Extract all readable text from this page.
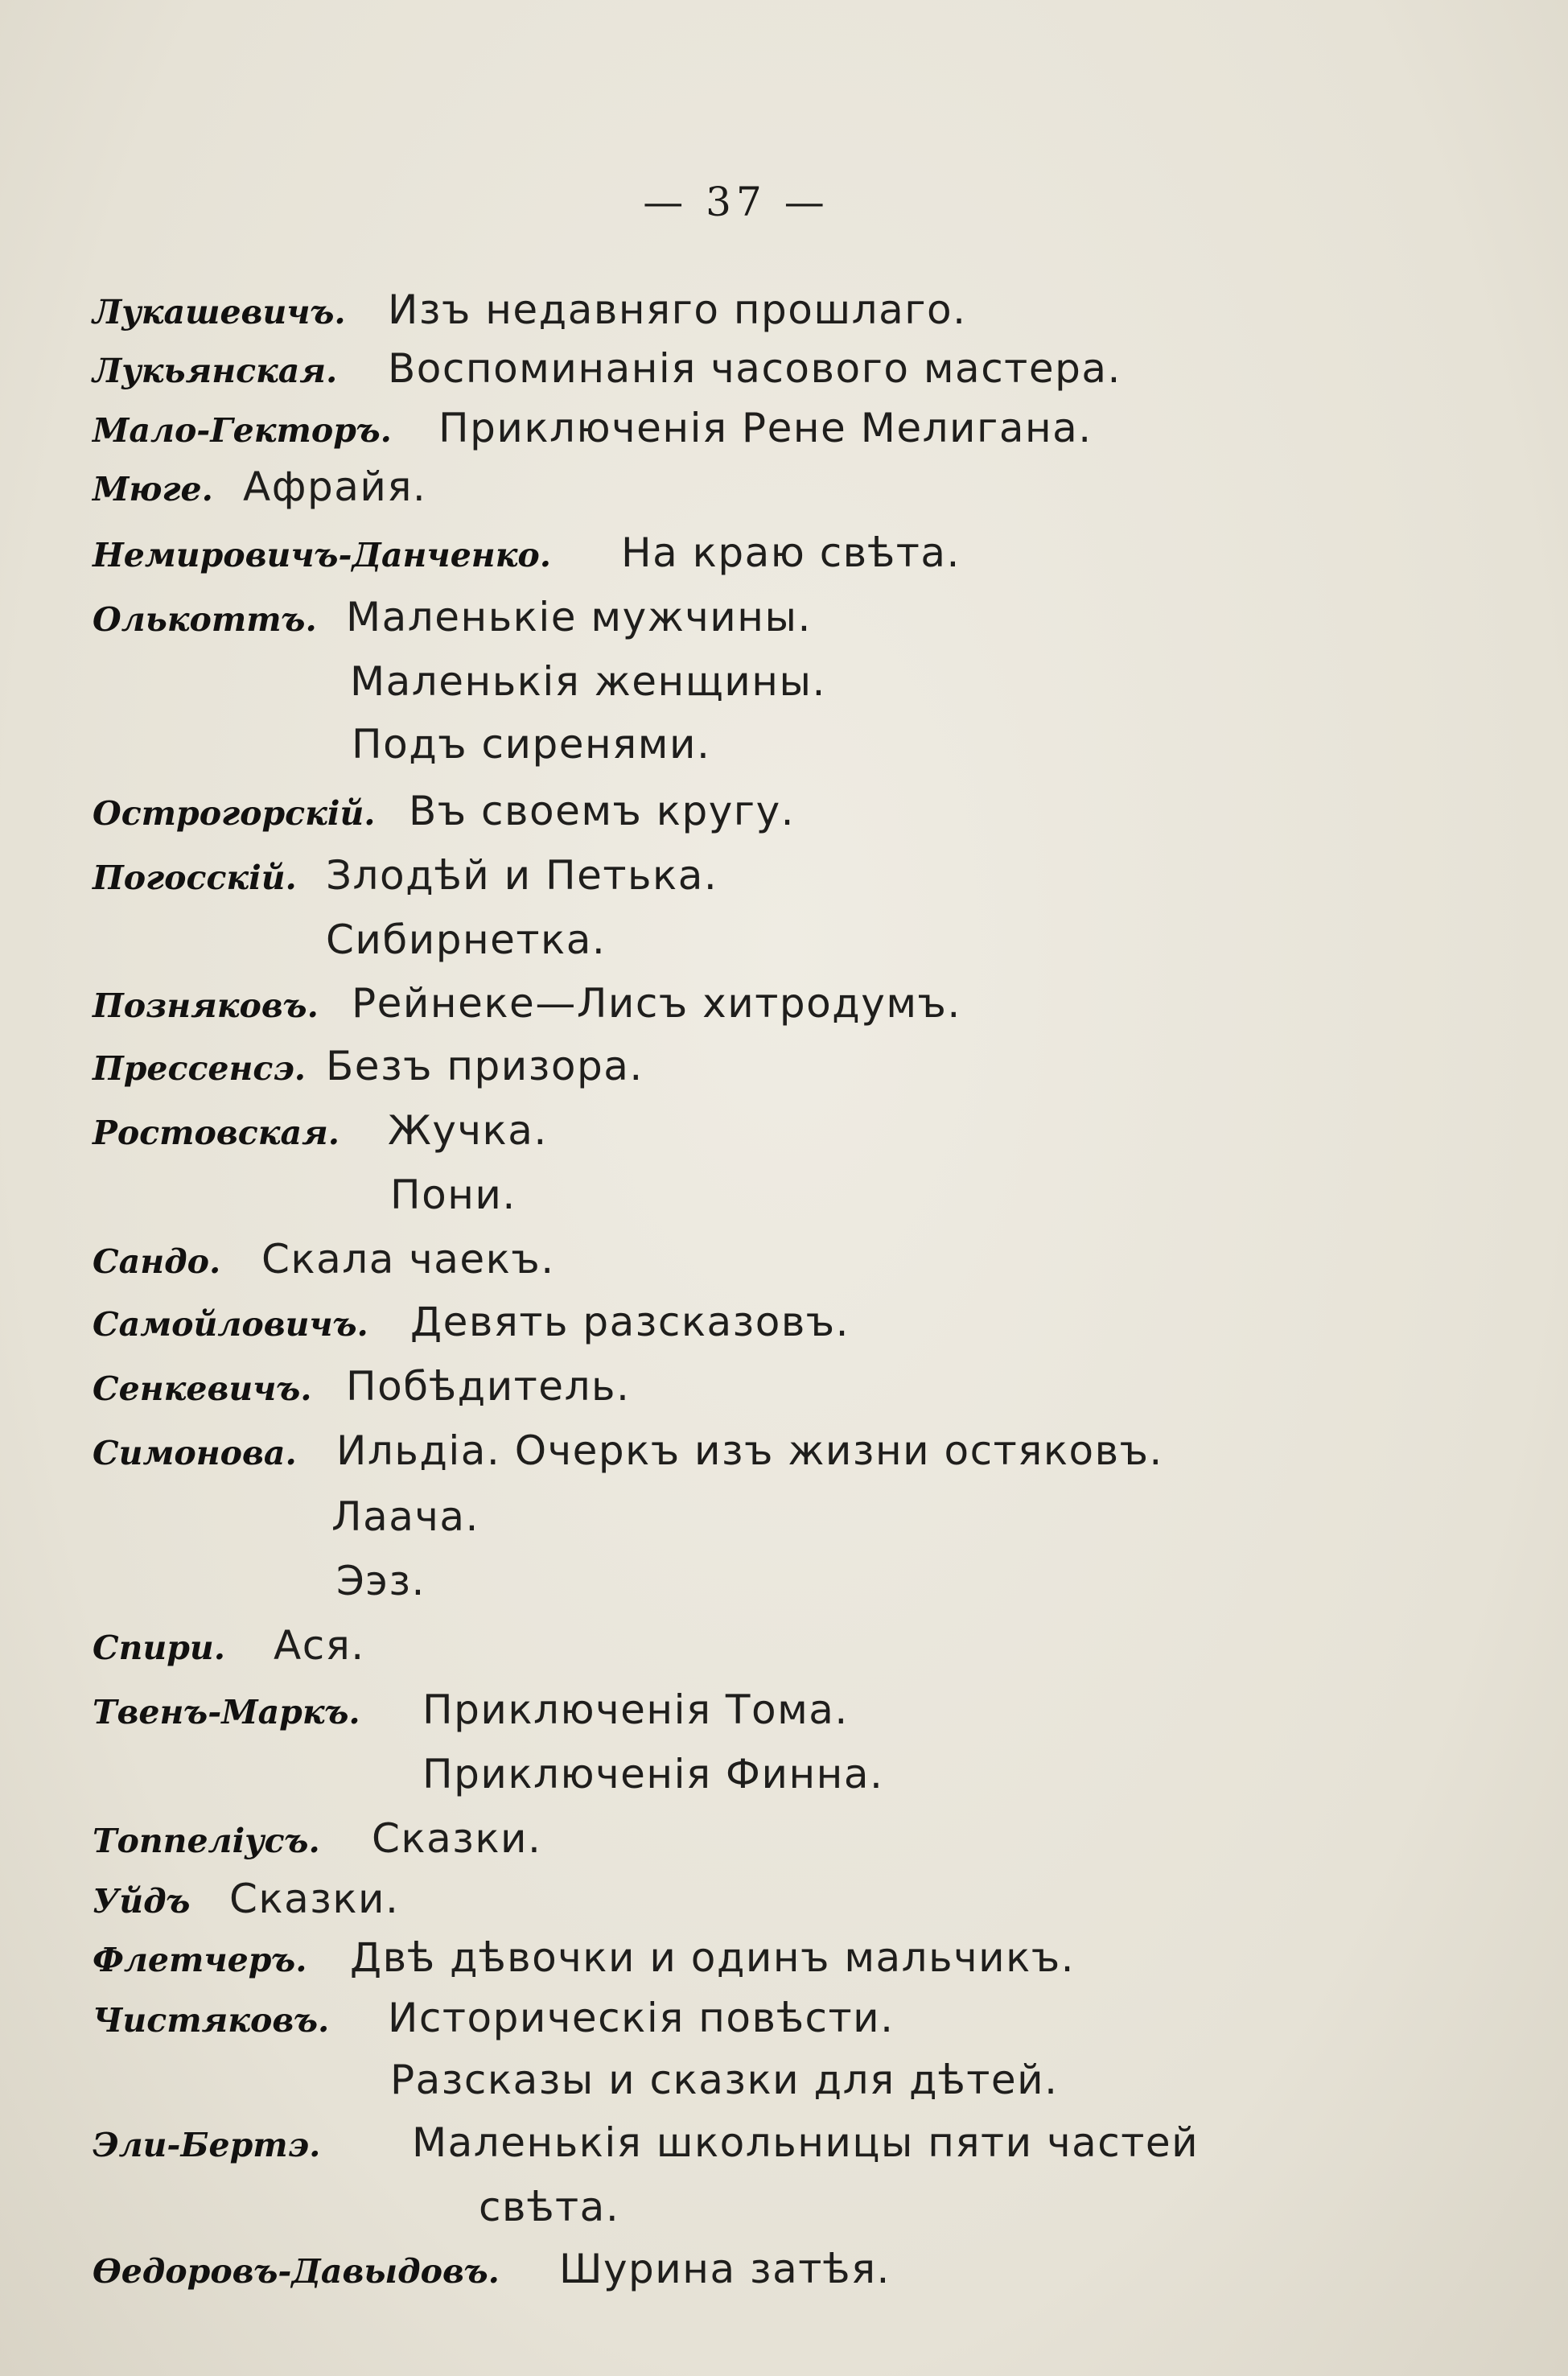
— 37 —
Лукашевичъ. Изъ недавняго прошлаго.
Лукьянская. Воспоминанія часового мастера.
Мало-Гекторъ. Приключенія Рене Мелигана.
Мюге. Афрайя.
Немировичъ-Данченко. На краю свѣта.
Олькоттъ. Маленькіе мужчины.
Маленькія женщины.
Подъ сиренями.
Острогорскій. Въ своемъ кругу.
Погосскій. Злодѣй и Петька.
Сибирнетка.
Позняковъ. Рейнеке—Лисъ хитродумъ.
Прессенсэ. Безъ призора.
Ростовская. Жучка.
Пони.
Сандо. Скала чаекъ.
Самойловичъ. Девять разсказовъ.
Сенкевичъ. Побѣдитель.
Симонова. Ильдіа. Очеркъ изъ жизни остяковъ.
Лаача.
Ээз.
Спири. Ася.
Твенъ-Маркъ. Приключенія Тома.
Приключенія Финна.
Топпеліусъ. Сказки.
Уйдъ Сказки.
Флетчеръ. Двѣ дѣвочки и одинъ мальчикъ.
Чистяковъ. Историческія повѣсти.
Разсказы и сказки для дѣтей.
Эли-Бертэ. Маленькія школьницы пяти частей
свѣта.
Өедоровъ-Давыдовъ. Шурина затѣя.
